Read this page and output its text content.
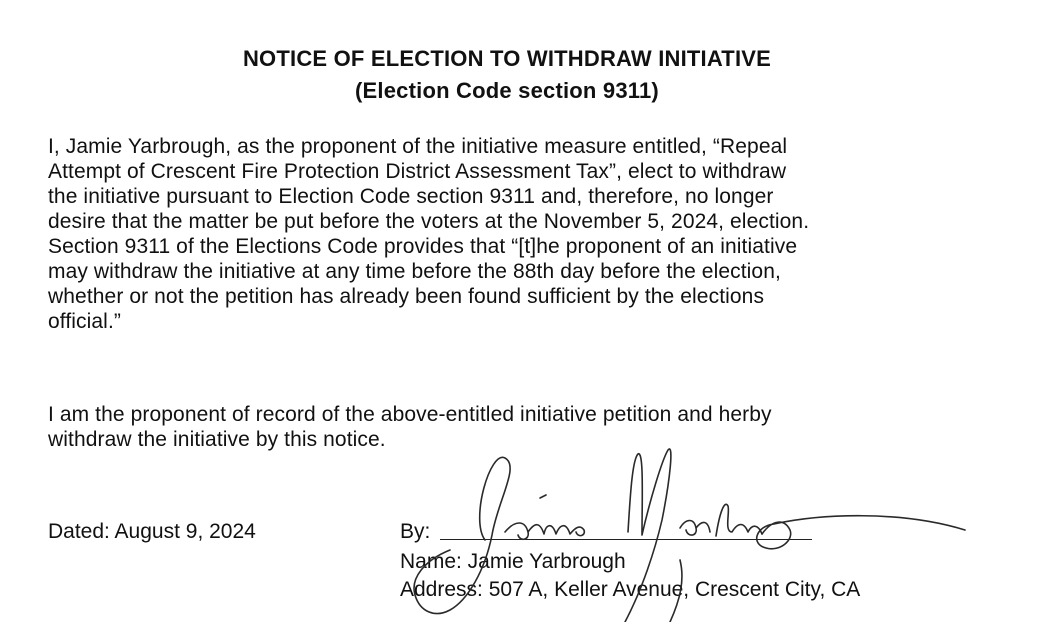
NOTICE OF ELECTION TO WITHDRAW INITIATIVE
(Election Code section 9311)

I, Jamie Yarbrough, as the proponent of the initiative measure entitled, “Repeal
Attempt of Crescent Fire Protection District Assessment Tax”, elect to withdraw
the initiative pursuant to Election Code section 9311 and, therefore, no longer
desire that the matter be put before the voters at the November 5, 2024, election.
Section 9311 of the Elections Code provides that “[t]he proponent of an initiative
may withdraw the initiative at any time before the 88th day before the election,
whether or not the petition has already been found sufficient by the elections
official.”

I am the proponent of record of the above-entitled initiative petition and herby
withdraw the initiative by this notice.

Dated: August 9, 2024	By:
Name: Jamie Yarbrough
Address: 507 A, Keller Avenue, Crescent City, CA
